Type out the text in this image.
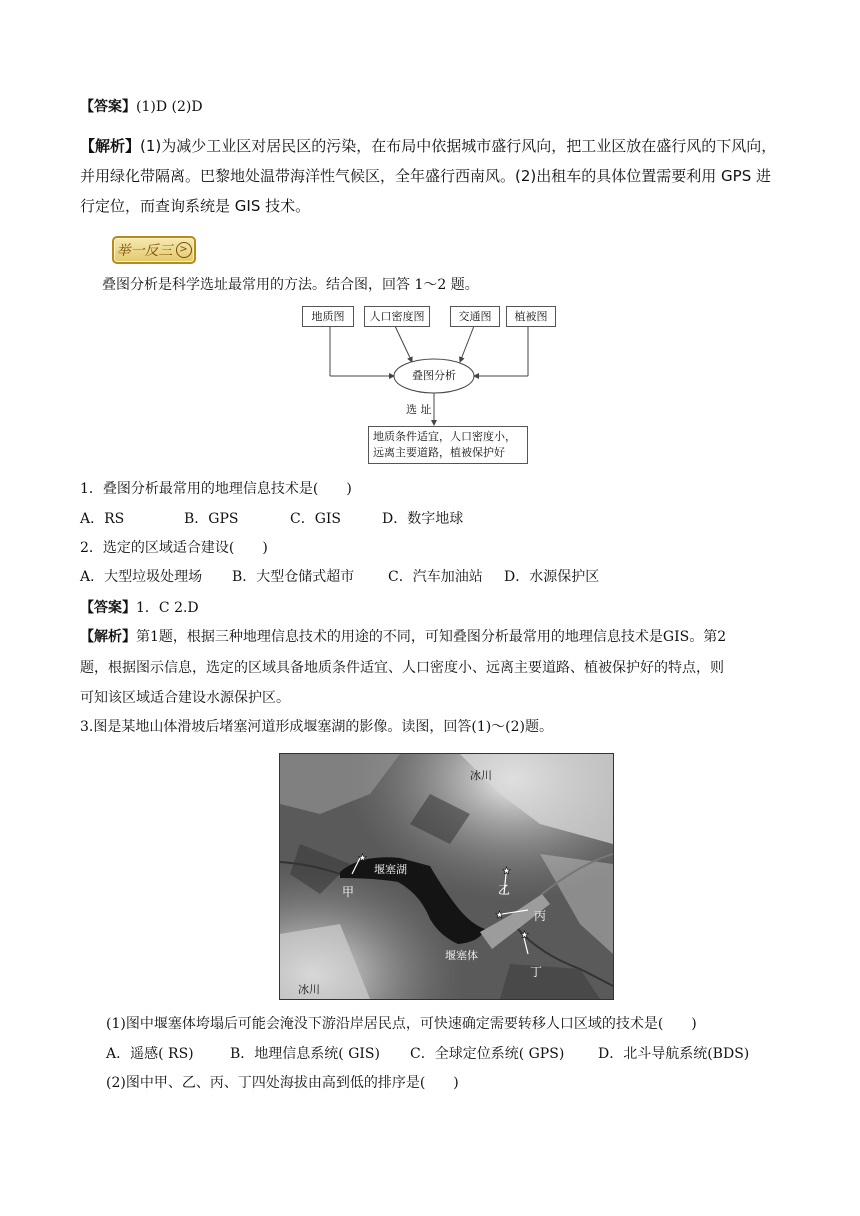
【答案】(1)D (2)D
【解析】(1)为减少工业区对居民区的污染，在布局中依据城市盛行风向，把工业区放在盛行风的下风向，并用绿化带隔离。巴黎地处温带海洋性气候区，全年盛行西南风。(2)出租车的具体位置需要利用 GPS 进行定位，而查询系统是 GIS 技术。
举一反三 >
叠图分析是科学选址最常用的方法。结合图，回答 1～2 题。
地质图	人口密度图	交通图	植被图
叠图分析
选 址
地质条件适宜，人口密度小，
远离主要道路，植被保护好
1．叠图分析最常用的地理信息技术是(　　)
A．RS	B．GPS	C．GIS	D．数字地球
2．选定的区域适合建设(　　)
A．大型垃圾处理场 B．大型仓储式超市 C．汽车加油站 D．水源保护区
【答案】1．C 2.D
【解析】第1题，根据三种地理信息技术的用途的不同，可知叠图分析最常用的地理信息技术是GIS。第2
题，根据图示信息，选定的区域具备地质条件适宜、人口密度小、远离主要道路、植被保护好的特点，则
可知该区域适合建设水源保护区。
3.图是某地山体滑坡后堵塞河道形成堰塞湖的影像。读图，回答(1)～(2)题。
★
★
★
★
冰川
冰川
堰塞湖
堰塞体
甲	乙
丙
丁
(1)图中堰塞体垮塌后可能会淹没下游沿岸居民点，可快速确定需要转移人口区域的技术是(　　)
A．遥感( RS)	B．地理信息系统( GIS) C．全球定位系统( GPS) D．北斗导航系统(BDS)
(2)图中甲、乙、丙、丁四处海拔由高到低的排序是(　　)
